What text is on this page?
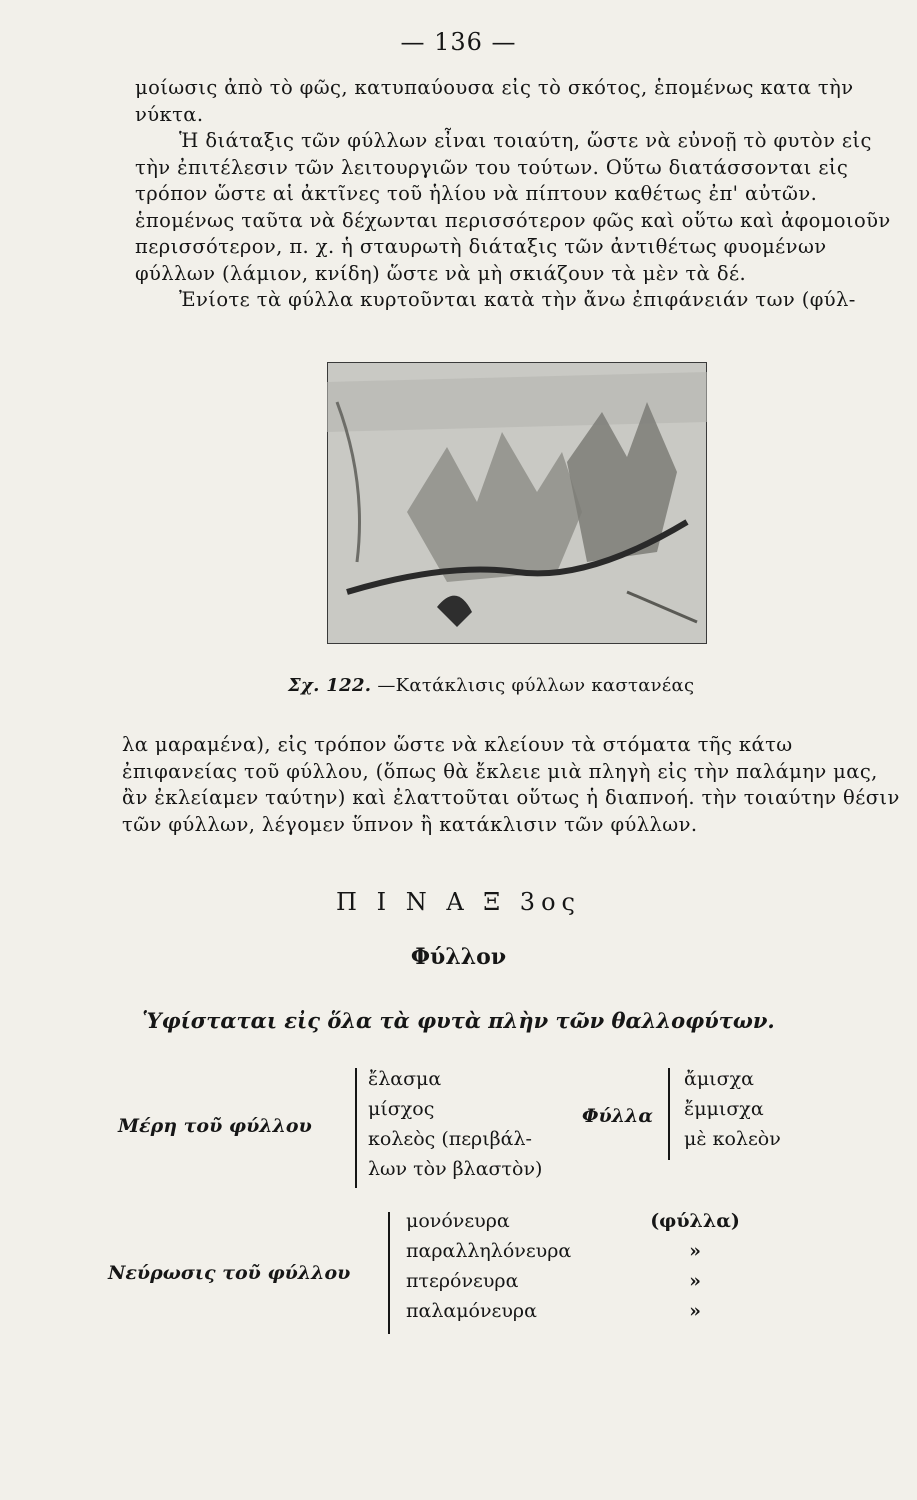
— 136 —

μοίωσις ἀπὸ τὸ φῶς, κατυπαύουσα εἰς τὸ σκότος, ἑπομένως κατα τὴν νύκτα.

Ἡ διάταξις τῶν φύλλων εἶναι τοιαύτη, ὥστε νὰ εὐνοῇ τὸ φυτὸν εἰς τὴν ἐπιτέλεσιν τῶν λειτουργιῶν του τούτων. Οὕτω διατάσσονται εἰς τρόπον ὥστε αἱ ἀκτῖνες τοῦ ἡλίου νὰ πίπτουν καθέτως ἐπ' αὐτῶν. ἑπομένως ταῦτα νὰ δέχωνται περισσότερον φῶς καὶ οὕτω καὶ ἀφομοιοῦν περισσότερον, π. χ. ἡ σταυρωτὴ διάταξις τῶν ἀντιθέτως φυομένων φύλλων (λάμιον, κνίδη) ὥστε νὰ μὴ σκιάζουν τὰ μὲν τὰ δέ.

Ἐνίοτε τὰ φύλλα κυρτοῦνται κατὰ τὴν ἄνω ἐπιφάνειάν των (φύλ-

Σχ. 122. —Κατάκλισις φύλλων καστανέας

λα μαραμένα), εἰς τρόπον ὥστε νὰ κλείουν τὰ στόματα τῆς κάτω ἐπιφανείας τοῦ φύλλου, (ὅπως θὰ ἔκλειε μιὰ πληγὴ εἰς τὴν παλάμην μας, ἂν ἐκλείαμεν ταύτην) καὶ ἐλαττοῦται οὕτως ἡ διαπνοή. τὴν τοιαύτην θέσιν τῶν φύλλων, λέγομεν ὕπνον ἢ κατάκλισιν τῶν φύλλων.

Π Ι Ν Α Ξ 3ος
Φύλλον
Ὑφίσταται εἰς ὅλα τὰ φυτὰ πλὴν τῶν θαλλοφύτων.
Μέρη τοῦ φύλλου
ἔλασμα
μίσχος
κολεὸς (περιβάλ-
λων τὸν βλαστὸν)
Φύλλα
ἄμισχα
ἔμμισχα
μὲ κολεὸν
Νεύρωσις τοῦ φύλλου
μονόνευρα
παραλληλόνευρα
πτερόνευρα
παλαμόνευρα
(φύλλα)
»
»
»
